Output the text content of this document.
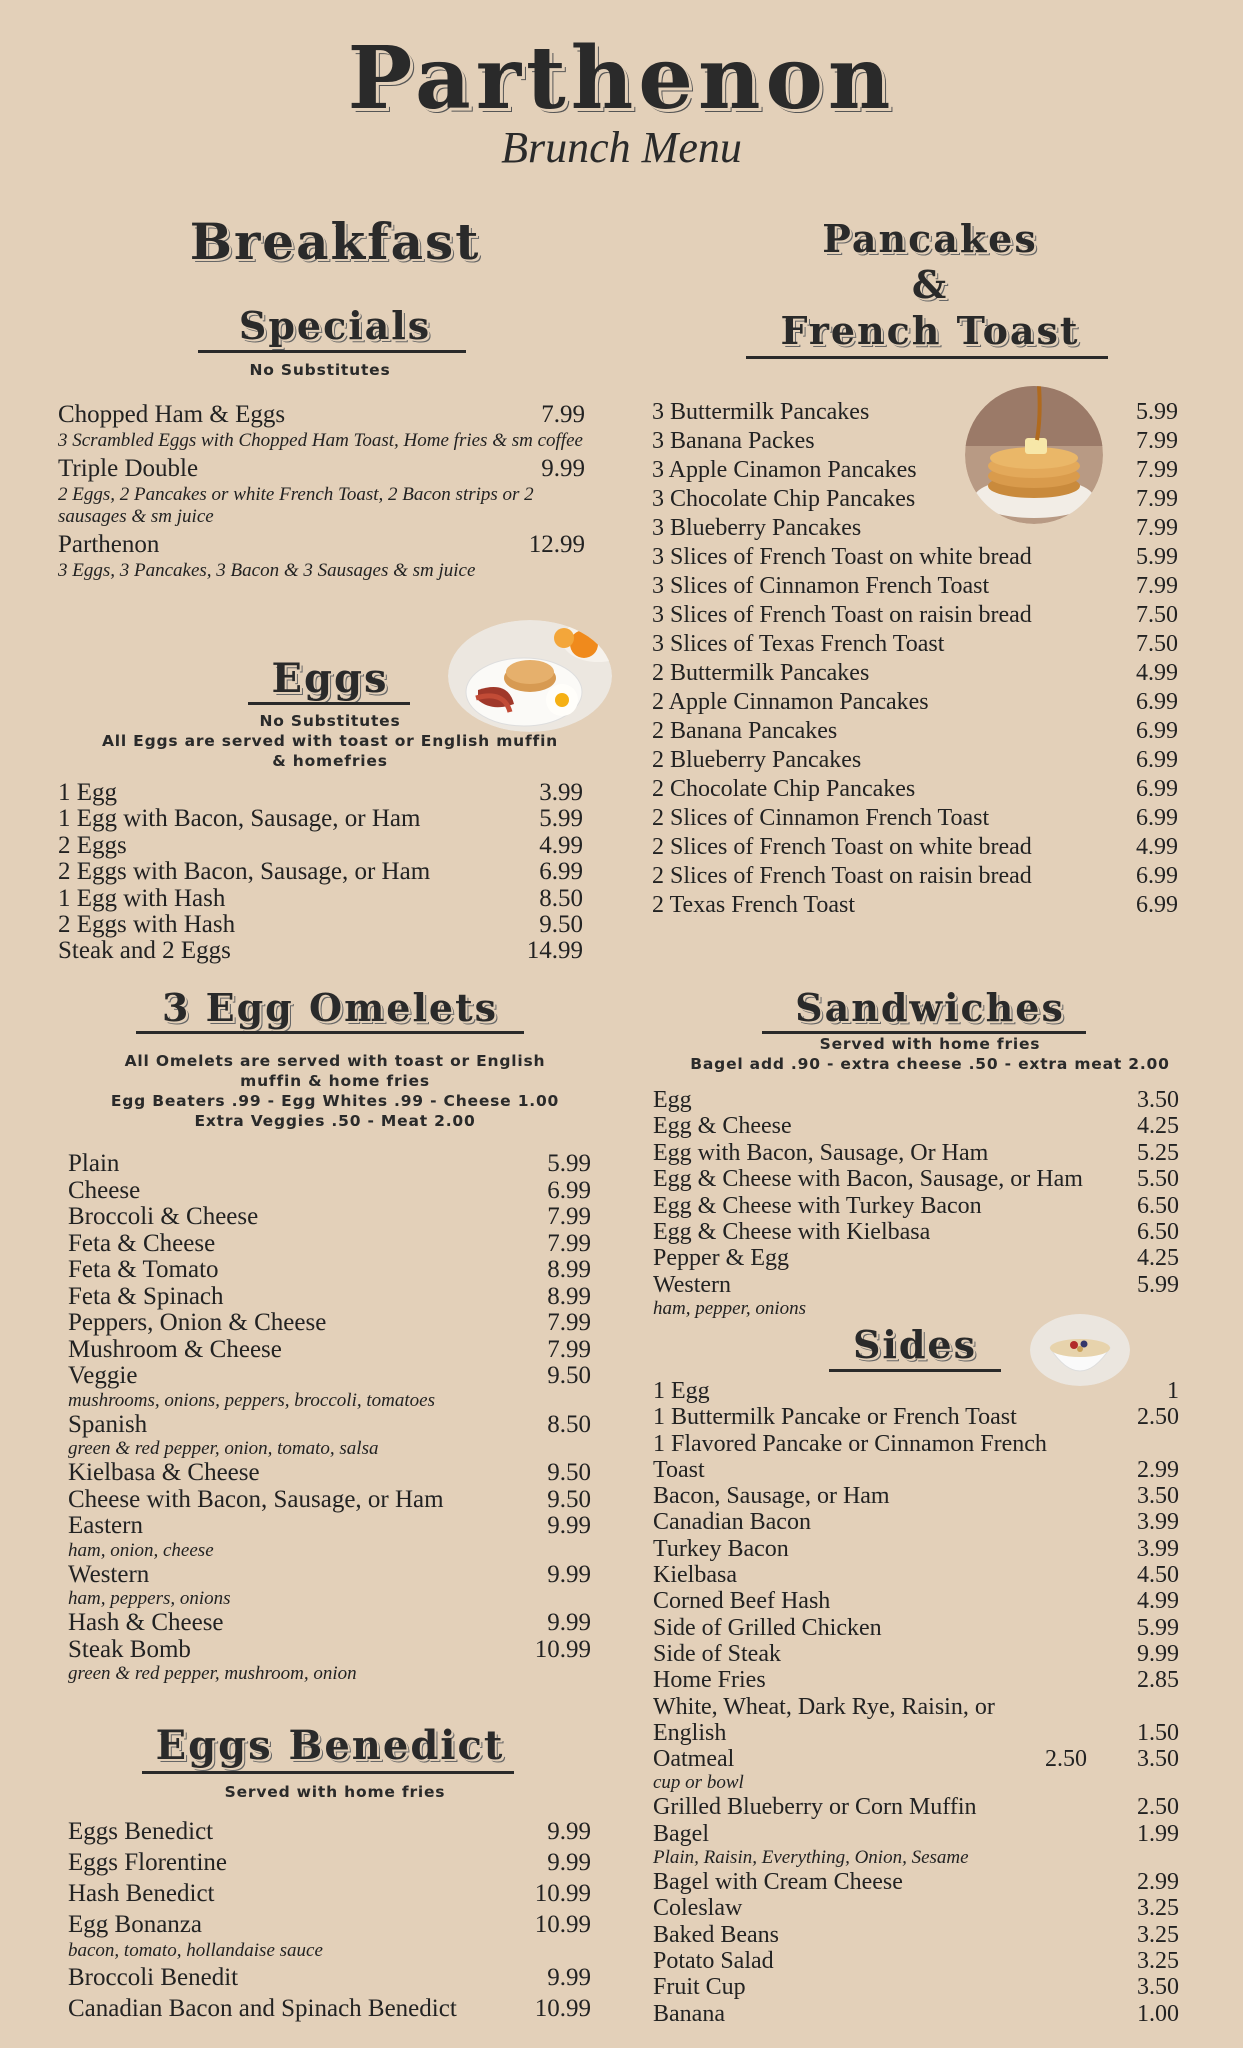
Parthenon
Brunch Menu
Breakfast
Specials
No Substitutes
Chopped Ham & Eggs	7.99
3 Scrambled Eggs with Chopped Ham Toast, Home fries & sm coffee
Triple Double	9.99
2 Eggs, 2 Pancakes or white French Toast, 2 Bacon strips or 2 sausages & sm juice
Parthenon	12.99
3 Eggs, 3 Pancakes, 3 Bacon & 3 Sausages & sm juice
Eggs
No Substitutes
All Eggs are served with toast or English muffin
& homefries
1 Egg	3.99
1 Egg with Bacon, Sausage, or Ham	5.99
2 Eggs	4.99
2 Eggs with Bacon, Sausage, or Ham	6.99
1 Egg with Hash	8.50
2 Eggs with Hash	9.50
Steak and 2 Eggs	14.99
Pancakes
&
French Toast
3 Buttermilk Pancakes	5.99
3 Banana Packes	7.99
3 Apple Cinamon Pancakes	7.99
3 Chocolate Chip Pancakes	7.99
3 Blueberry Pancakes	7.99
3 Slices of French Toast on white bread	5.99
3 Slices of Cinnamon French Toast	7.99
3 Slices of French Toast on raisin bread	7.50
3 Slices of Texas French Toast	7.50
2 Buttermilk Pancakes	4.99
2 Apple Cinnamon Pancakes	6.99
2 Banana Pancakes	6.99
2 Blueberry Pancakes	6.99
2 Chocolate Chip Pancakes	6.99
2 Slices of Cinnamon French Toast	6.99
2 Slices of French Toast on white bread	4.99
2 Slices of French Toast on raisin bread	6.99
2 Texas French Toast	6.99
3 Egg Omelets
All Omelets are served with toast or English
muffin & home fries
Egg Beaters .99 - Egg Whites .99 - Cheese 1.00
Extra Veggies .50 - Meat 2.00
Plain	5.99
Cheese	6.99
Broccoli & Cheese	7.99
Feta & Cheese	7.99
Feta & Tomato	8.99
Feta & Spinach	8.99
Peppers, Onion & Cheese	7.99
Mushroom & Cheese	7.99
Veggie	9.50
mushrooms, onions, peppers, broccoli, tomatoes
Spanish	8.50
green & red pepper, onion, tomato, salsa
Kielbasa & Cheese	9.50
Cheese with Bacon, Sausage, or Ham	9.50
Eastern	9.99
ham, onion, cheese
Western	9.99
ham, peppers, onions
Hash & Cheese	9.99
Steak Bomb	10.99
green & red pepper, mushroom, onion
Eggs Benedict
Served with home fries
Eggs Benedict	9.99
Eggs Florentine	9.99
Hash Benedict	10.99
Egg Bonanza	10.99
bacon, tomato, hollandaise sauce
Broccoli Benedit	9.99
Canadian Bacon and Spinach Benedict	10.99
Sandwiches
Served with home fries
Bagel add .90 - extra cheese .50 - extra meat 2.00
Egg	3.50
Egg & Cheese	4.25
Egg with Bacon, Sausage, Or Ham	5.25
Egg & Cheese with Bacon, Sausage, or Ham 5.50
Egg & Cheese with Turkey Bacon	6.50
Egg & Cheese with Kielbasa	6.50
Pepper & Egg	4.25
Western	5.99
ham, pepper, onions
Sides
1 Egg	1
1 Buttermilk Pancake or French Toast	2.50
1 Flavored Pancake or Cinnamon French
Toast	2.99
Bacon, Sausage, or Ham	3.50
Canadian Bacon	3.99
Turkey Bacon	3.99
Kielbasa	4.50
Corned Beef Hash	4.99
Side of Grilled Chicken	5.99
Side of Steak	9.99
Home Fries	2.85
White, Wheat, Dark Rye, Raisin, or
English	1.50
Oatmeal	2.50 3.50
cup or bowl
Grilled Blueberry or Corn Muffin	2.50
Bagel	1.99
Plain, Raisin, Everything, Onion, Sesame
Bagel with Cream Cheese	2.99
Coleslaw	3.25
Baked Beans	3.25
Potato Salad	3.25
Fruit Cup	3.50
Banana	1.00
